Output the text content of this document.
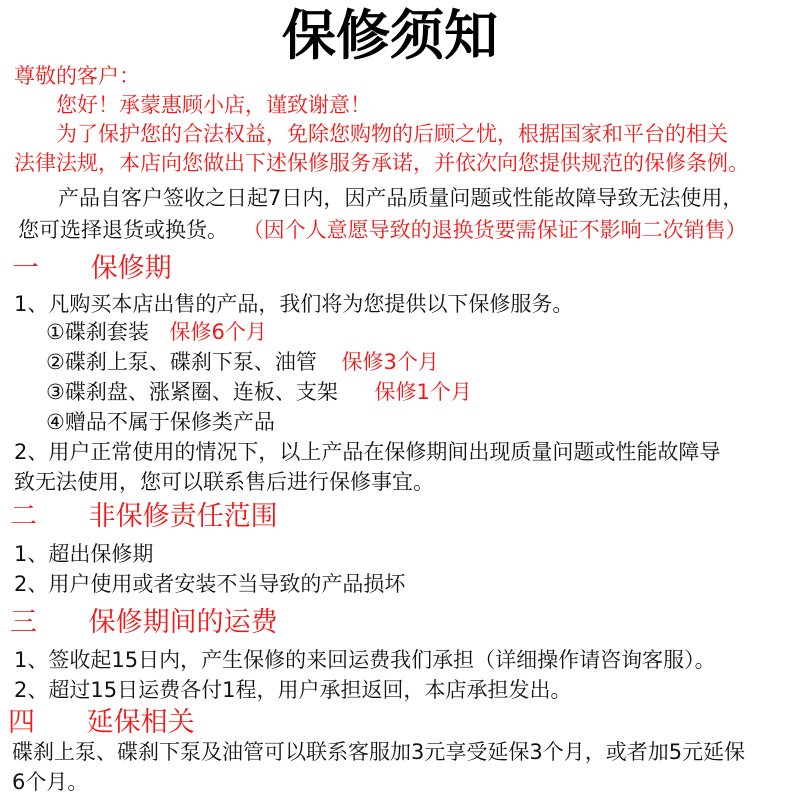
保修须知
尊敬的客户：
您好！承蒙惠顾小店，谨致谢意！
为了保护您的合法权益，免除您购物的后顾之忧，根据国家和平台的相关
法律法规，本店向您做出下述保修服务承诺，并依次向您提供规范的保修条例。
产品自客户签收之日起7日内，因产品质量问题或性能故障导致无法使用，
您可选择退货或换货。 （因个人意愿导致的退换货要需保证不影响二次销售）
一 保修期
1、凡购买本店出售的产品，我们将为您提供以下保修服务。
①碟刹套装 保修6个月
②碟刹上泵、碟刹下泵、油管 保修3个月
③碟刹盘、涨紧圈、连板、支架 保修1个月
④赠品不属于保修类产品
2、用户正常使用的情况下，以上产品在保修期间出现质量问题或性能故障导
致无法使用，您可以联系售后进行保修事宜。
二 非保修责任范围
1、超出保修期
2、用户使用或者安装不当导致的产品损坏
三 保修期间的运费
1、签收起15日内，产生保修的来回运费我们承担（详细操作请咨询客服）。
2、超过15日运费各付1程，用户承担返回，本店承担发出。
四 延保相关
碟刹上泵、碟刹下泵及油管可以联系客服加3元享受延保3个月，或者加5元延保
6个月。
